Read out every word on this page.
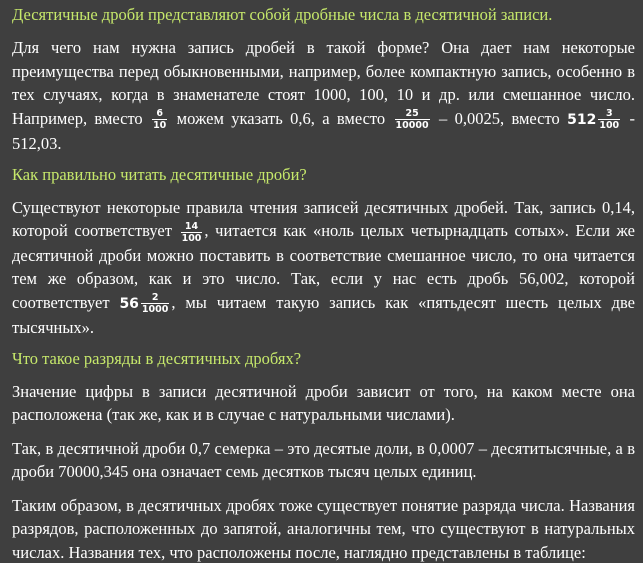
Десятичные дроби представляют собой дробные числа в десятичной записи.

Для чего нам нужна запись дробей в такой форме? Она дает нам некоторые преимущества перед обыкновенными, например, более компактную запись, особенно в тех случаях, когда в знаменателе стоят 1000, 100, 10 и др. или смешанное число. Например, вместо $\frac{6}{10}$ можем указать 0,6, а вместо $\frac{25}{10000} - 0,0025$, вместо $512 \frac{3}{100} - 512,03$.

Как правильно читать десятичные дроби?

Существуют некоторые правила чтения записей десятичных дробей. Так, запись 0,14, которой соответствует $\frac{14}{100}$ , читается как «ноль целых четырнадцать сотых». Если же десятичной дроби можно поставить в соответствие смешанное число, то она читается тем же образом, как и это число. Так, если у нас есть дробь 56,002, которой соответствует $56 \frac{2}{1000}$ , мы читаем такую запись как «пятьдесят шесть целых две тысячных».

Что такое разряды в десятичных дробях?

Значение цифры в записи десятичной дроби зависит от того, на каком месте она расположена (так же, как и в случае с натуральными числами).

Так, в десятичной дроби 0,7 семерка – это десятые доли, в 0,0007 – десятитысячные, а в дроби 70000,345 она означает семь десятков тысяч целых единиц.

Таким образом, в десятичных дробях тоже существует понятие разряда числа. Названия разрядов, расположенных до запятой, аналогичны тем, что существуют в натуральных числах. Названия тех, что расположены после, наглядно представлены в таблице:
